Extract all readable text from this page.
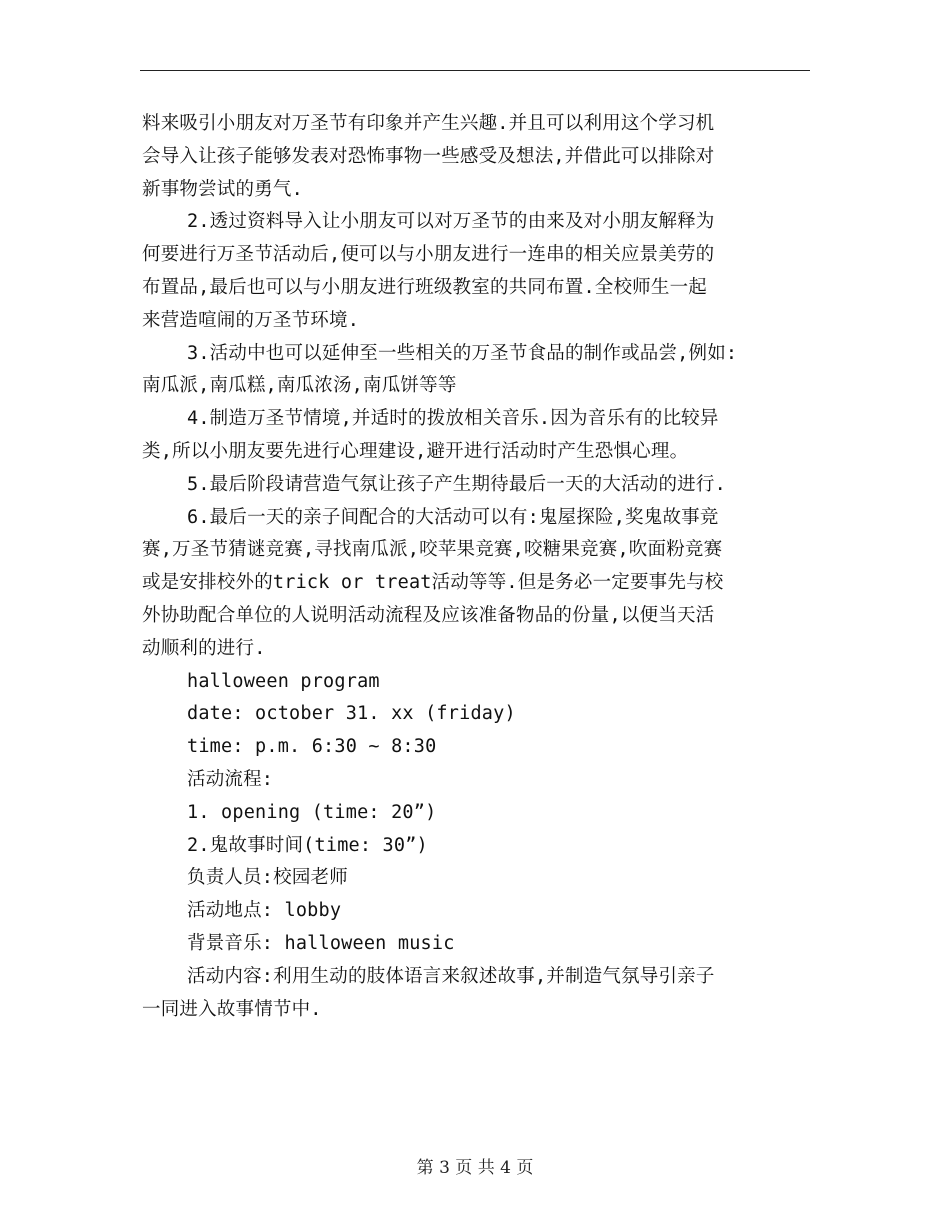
料来吸引小朋友对万圣节有印象并产生兴趣.并且可以利用这个学习机
会导入让孩子能够发表对恐怖事物一些感受及想法,并借此可以排除对
新事物尝试的勇气.
2.透过资料导入让小朋友可以对万圣节的由来及对小朋友解释为
何要进行万圣节活动后,便可以与小朋友进行一连串的相关应景美劳的
布置品,最后也可以与小朋友进行班级教室的共同布置.全校师生一起
来营造喧闹的万圣节环境.
3.活动中也可以延伸至一些相关的万圣节食品的制作或品尝,例如:
南瓜派,南瓜糕,南瓜浓汤,南瓜饼等等
4.制造万圣节情境,并适时的拨放相关音乐.因为音乐有的比较异
类,所以小朋友要先进行心理建设,避开进行活动时产生恐惧心理。
5.最后阶段请营造气氛让孩子产生期待最后一天的大活动的进行.
6.最后一天的亲子间配合的大活动可以有:鬼屋探险,奖鬼故事竞
赛,万圣节猜谜竞赛,寻找南瓜派,咬苹果竞赛,咬糖果竞赛,吹面粉竞赛
或是安排校外的trick or treat活动等等.但是务必一定要事先与校
外协助配合单位的人说明活动流程及应该准备物品的份量,以便当天活
动顺利的进行.
halloween program
date: october 31. xx (friday)
time: p.m. 6:30 ~ 8:30
活动流程:
1. opening (time: 20”)
2.鬼故事时间(time: 30”)
负责人员:校园老师
活动地点: lobby
背景音乐: halloween music
活动内容:利用生动的肢体语言来叙述故事,并制造气氛导引亲子
一同进入故事情节中.
第 3 页 共 4 页
